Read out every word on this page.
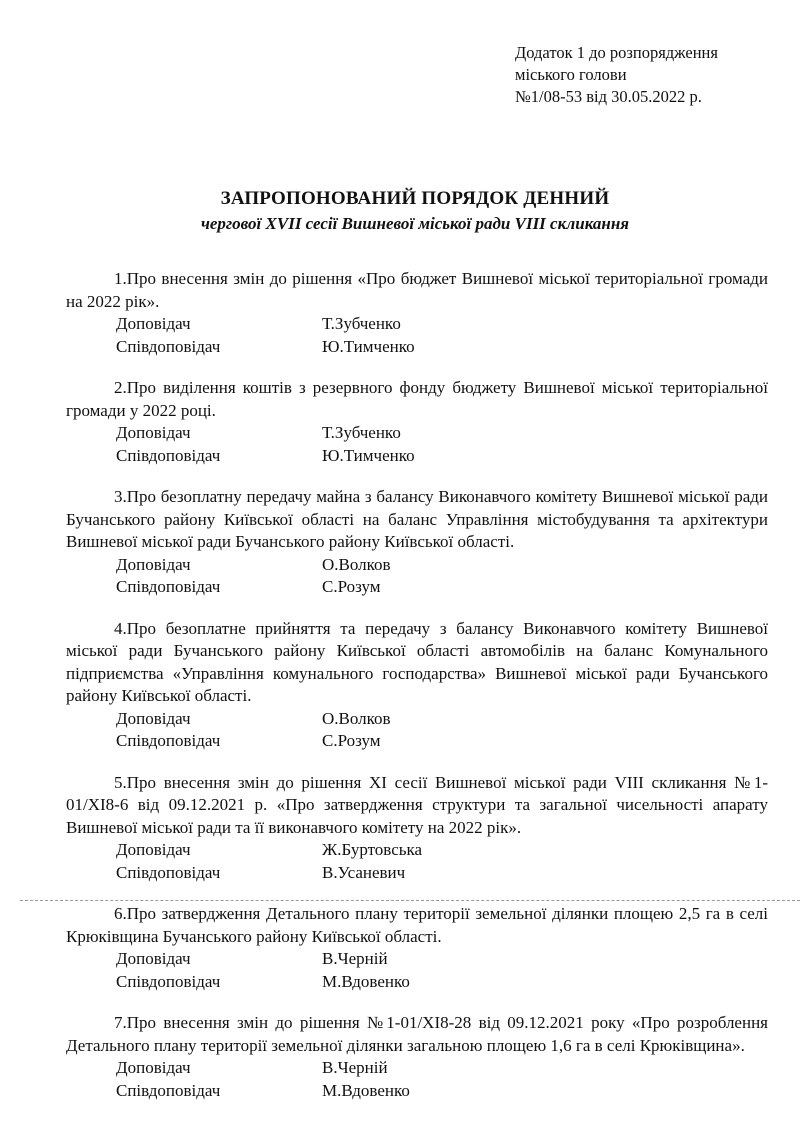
Додаток 1 до розпорядження
міського голови
№1/08-53 від 30.05.2022 р.
ЗАПРОПОНОВАНИЙ ПОРЯДОК ДЕННИЙ
чергової XVII сесії Вишневої міської ради VIII скликання

1.Про внесення змін до рішення «Про бюджет Вишневої міської територіальної громади на 2022 рік».

Доповідач	Т.Зубченко
Співдоповідач	Ю.Тимченко

2.Про виділення коштів з резервного фонду бюджету Вишневої міської територіальної громади у 2022 році.

Доповідач	Т.Зубченко
Співдоповідач	Ю.Тимченко

3.Про безоплатну передачу майна з балансу Виконавчого комітету Вишневої міської ради Бучанського району Київської області на баланс Управління містобудування та архітектури Вишневої міської ради Бучанського району Київської області.

Доповідач	О.Волков
Співдоповідач	С.Розум

4.Про безоплатне прийняття та передачу з балансу Виконавчого комітету Вишневої міської ради Бучанського району Київської області автомобілів на баланс Комунального підприємства «Управління комунального господарства» Вишневої міської ради Бучанського району Київської області.

Доповідач	О.Волков
Співдоповідач	С.Розум

5.Про внесення змін до рішення XI сесії Вишневої міської ради VIII скликання №1-01/XI8-6 від 09.12.2021 р. «Про затвердження структури та загальної чисельності апарату Вишневої міської ради та її виконавчого комітету на 2022 рік».

Доповідач	Ж.Буртовська
Співдоповідач	В.Усаневич

6.Про затвердження Детального плану території земельної ділянки площею 2,5 га в селі Крюківщина Бучанського району Київської області.

Доповідач	В.Черній
Співдоповідач	М.Вдовенко

7.Про внесення змін до рішення №1-01/XI8-28 від 09.12.2021 року «Про розроблення Детального плану території земельної ділянки загальною площею 1,6 га в селі Крюківщина».

Доповідач	В.Черній
Співдоповідач	М.Вдовенко
